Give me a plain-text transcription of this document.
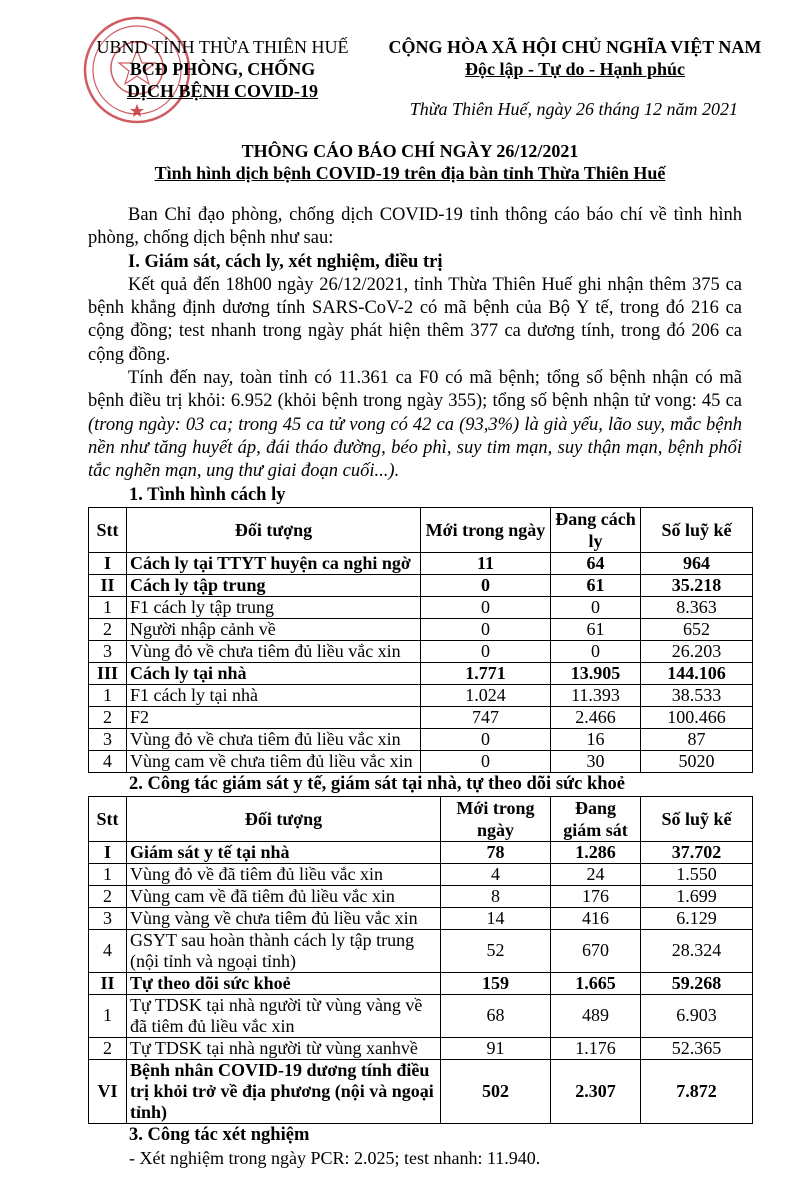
UBND TỈNH THỪA THIÊN HUẾ
BCĐ PHÒNG, CHỐNG
DỊCH BỆNH COVID-19
CỘNG HÒA XÃ HỘI CHỦ NGHĨA VIỆT NAM
Độc lập - Tự do - Hạnh phúc
Thừa Thiên Huế, ngày 26 tháng 12 năm 2021
THÔNG CÁO BÁO CHÍ NGÀY 26/12/2021
Tình hình dịch bệnh COVID-19 trên địa bàn tỉnh Thừa Thiên Huế

Ban Chỉ đạo phòng, chống dịch COVID-19 tỉnh thông cáo báo chí về tình hình phòng, chống dịch bệnh như sau:

I. Giám sát, cách ly, xét nghiệm, điều trị

Kết quả đến 18h00 ngày 26/12/2021, tỉnh Thừa Thiên Huế ghi nhận thêm 375 ca bệnh khẳng định dương tính SARS-CoV-2 có mã bệnh của Bộ Y tế, trong đó 216 ca cộng đồng; test nhanh trong ngày phát hiện thêm 377 ca dương tính, trong đó 206 ca cộng đồng.

Tính đến nay, toàn tỉnh có 11.361 ca F0 có mã bệnh; tổng số bệnh nhận có mã bệnh điều trị khỏi: 6.952 (khỏi bệnh trong ngày 355); tổng số bệnh nhận tử vong: 45 ca (trong ngày: 03 ca; trong 45 ca tử vong có 42 ca (93,3%) là già yếu, lão suy, mắc bệnh nền như tăng huyết áp, đái tháo đường, béo phì, suy tim mạn, suy thận mạn, bệnh phổi tắc nghẽn mạn, ung thư giai đoạn cuối...).

1. Tình hình cách ly
Stt	Đối tượng	Mới trong ngày	Đang cách ly	Số luỹ kế
I	Cách ly tại TTYT huyện ca nghi ngờ	11	64	964
II	Cách ly tập trung	0	61	35.218
1	F1 cách ly tập trung	0	0	8.363
2	Người nhập cảnh về	0	61	652
3	Vùng đỏ về chưa tiêm đủ liều vắc xin	0	0	26.203
III	Cách ly tại nhà	1.771	13.905	144.106
1	F1 cách ly tại nhà	1.024	11.393	38.533
2	F2	747	2.466	100.466
3	Vùng đỏ về chưa tiêm đủ liều vắc xin	0	16	87
4	Vùng cam về chưa tiêm đủ liều vắc xin	0	30	5020
2. Công tác giám sát y tế, giám sát tại nhà, tự theo dõi sức khoẻ
Stt	Đối tượng	Mới trong ngày	Đang giám sát	Số luỹ kế
I	Giám sát y tế tại nhà	78	1.286	37.702
1	Vùng đỏ về đã tiêm đủ liều vắc xin	4	24	1.550
2	Vùng cam về đã tiêm đủ liều vắc xin	8	176	1.699
3	Vùng vàng về chưa tiêm đủ liều vắc xin	14	416	6.129
4	GSYT sau hoàn thành cách ly tập trung (nội tỉnh và ngoại tỉnh)	52	670	28.324
II	Tự theo dõi sức khoẻ	159	1.665	59.268
1	Tự TDSK tại nhà người từ vùng vàng về đã tiêm đủ liều vắc xin	68	489	6.903
2	Tự TDSK tại nhà người từ vùng xanhvề	91	1.176	52.365
VI	Bệnh nhân COVID-19 dương tính điều trị khỏi trở về địa phương (nội và ngoại tỉnh)	502	2.307	7.872
3. Công tác xét nghiệm
- Xét nghiệm trong ngày PCR: 2.025; test nhanh: 11.940.
